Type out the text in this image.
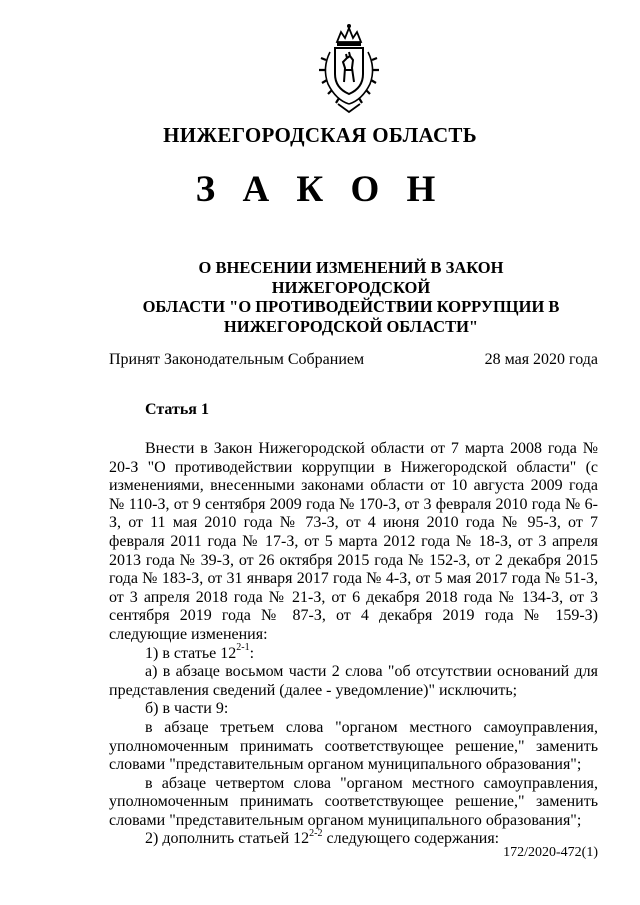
НИЖЕГОРОДСКАЯ ОБЛАСТЬ
З А К О Н
О ВНЕСЕНИИ ИЗМЕНЕНИЙ В ЗАКОН НИЖЕГОРОДСКОЙ
ОБЛАСТИ "О ПРОТИВОДЕЙСТВИИ КОРРУПЦИИ В
НИЖЕГОРОДСКОЙ ОБЛАСТИ"
Принят Законодательным Собранием	28 мая 2020 года
Статья 1

Внести в Закон Нижегородской области от 7 марта 2008 года № 20-З "О противодействии коррупции в Нижегородской области" (с изменениями, внесенными законами области от 10 августа 2009 года № 110-З, от 9 сентября 2009 года № 170-З, от 3 февраля 2010 года № 6-З, от 11 мая 2010 года № 73-З, от 4 июня 2010 года № 95-З, от 7 февраля 2011 года № 17-З, от 5 марта 2012 года № 18-З, от 3 апреля 2013 года № 39-З, от 26 октября 2015 года № 152-З, от 2 декабря 2015 года № 183-З, от 31 января 2017 года № 4-З, от 5 мая 2017 года № 51-З, от 3 апреля 2018 года № 21-З, от 6 декабря 2018 года № 134-З, от 3 сентября 2019 года № 87-З, от 4 декабря 2019 года № 159-З) следующие изменения:

1) в статье 12$^{2-1}$:

а) в абзаце восьмом части 2 слова "об отсутствии оснований для представления сведений (далее - уведомление)" исключить;

б) в части 9:

в абзаце третьем слова "органом местного самоуправления, уполномоченным принимать соответствующее решение," заменить словами "представительным органом муниципального образования";

в абзаце четвертом слова "органом местного самоуправления, уполномоченным принимать соответствующее решение," заменить словами "представительным органом муниципального образования";

2) дополнить статьей 12$^{2-2}$ следующего содержания:

172/2020-472(1)
